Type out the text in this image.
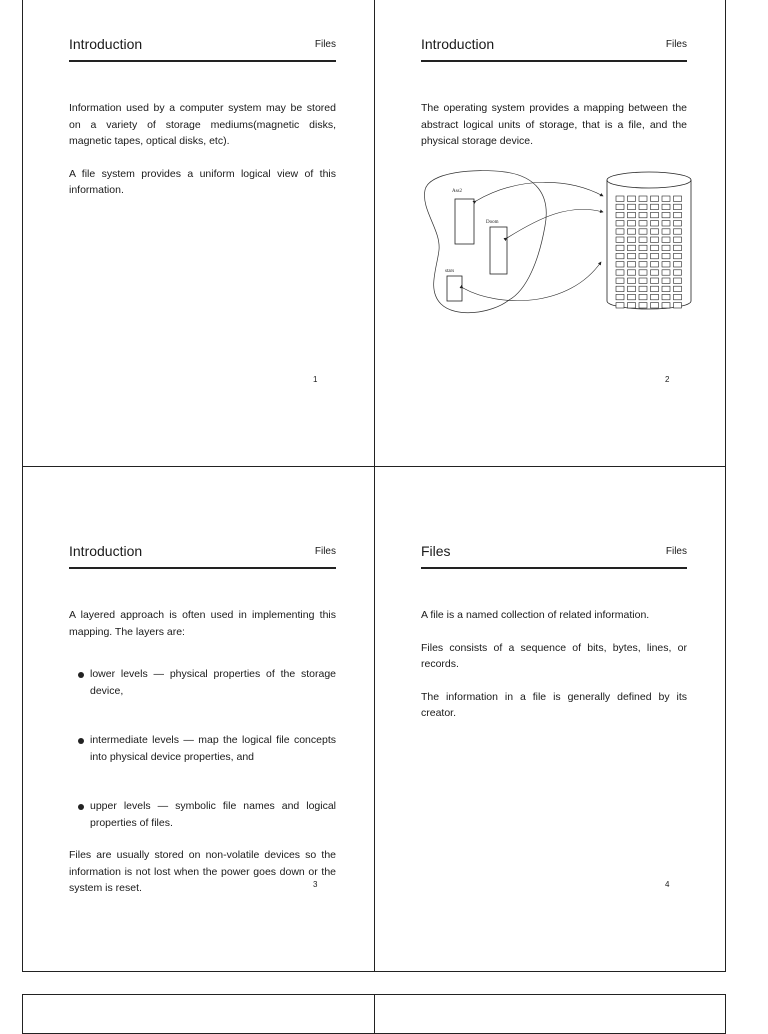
Introduction	Files

Information used by a computer system may be stored on a variety of storage mediums(magnetic disks, magnetic tapes, optical disks, etc).

A file system provides a uniform logical view of this information.

1
Introduction	Files

The operating system provides a mapping between the abstract logical units of storage, that is a file, and the physical storage device.

Ass2
Doom
stars
2
Introduction	Files

A layered approach is often used in implementing this mapping. The layers are:

lower levels — physical properties of the storage device,
intermediate levels — map the logical file concepts into physical device properties, and
upper levels — symbolic file names and logical properties of files.

Files are usually stored on non-volatile devices so the information is not lost when the power goes down or the system is reset.	3
Files	Files

A file is a named collection of related information.

Files consists of a sequence of bits, bytes, lines, or records.

The information in a file is generally defined by its creator.

4
